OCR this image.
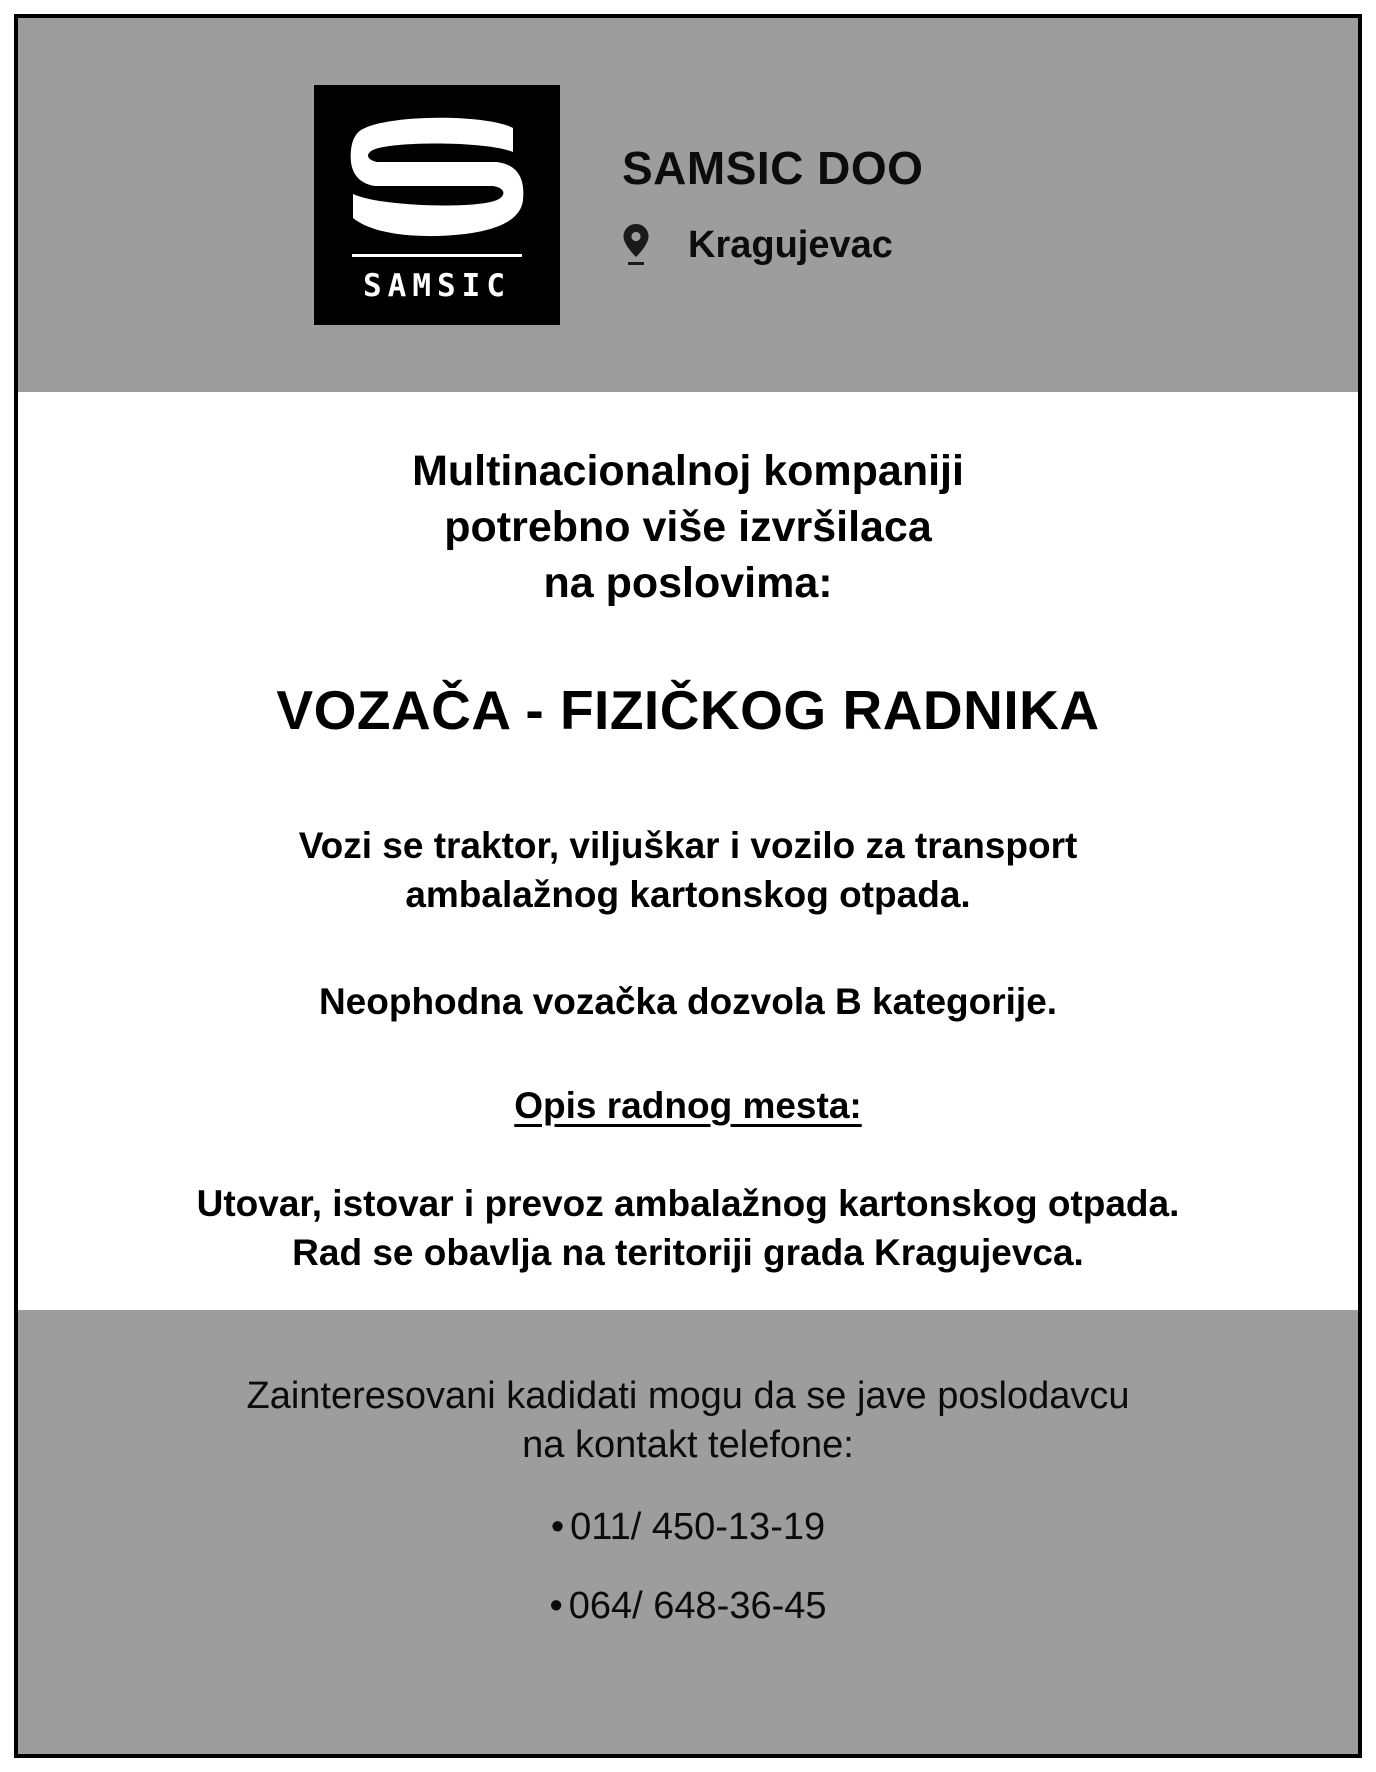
SAMSIC
SAMSIC DOO
Kragujevac
Multinacionalnoj kompaniji
potrebno više izvršilaca
na poslovima:
VOZAČA - FIZIČKOG RADNIKA
Vozi se traktor, viljuškar i vozilo za transport
ambalažnog kartonskog otpada.
Neophodna vozačka dozvola B kategorije.
Opis radnog mesta:
Utovar, istovar i prevoz ambalažnog kartonskog otpada.
Rad se obavlja na teritoriji grada Kragujevca.
Zainteresovani kadidati mogu da se jave poslodavcu
na kontakt telefone:
• 011/ 450-13-19
• 064/ 648-36-45
